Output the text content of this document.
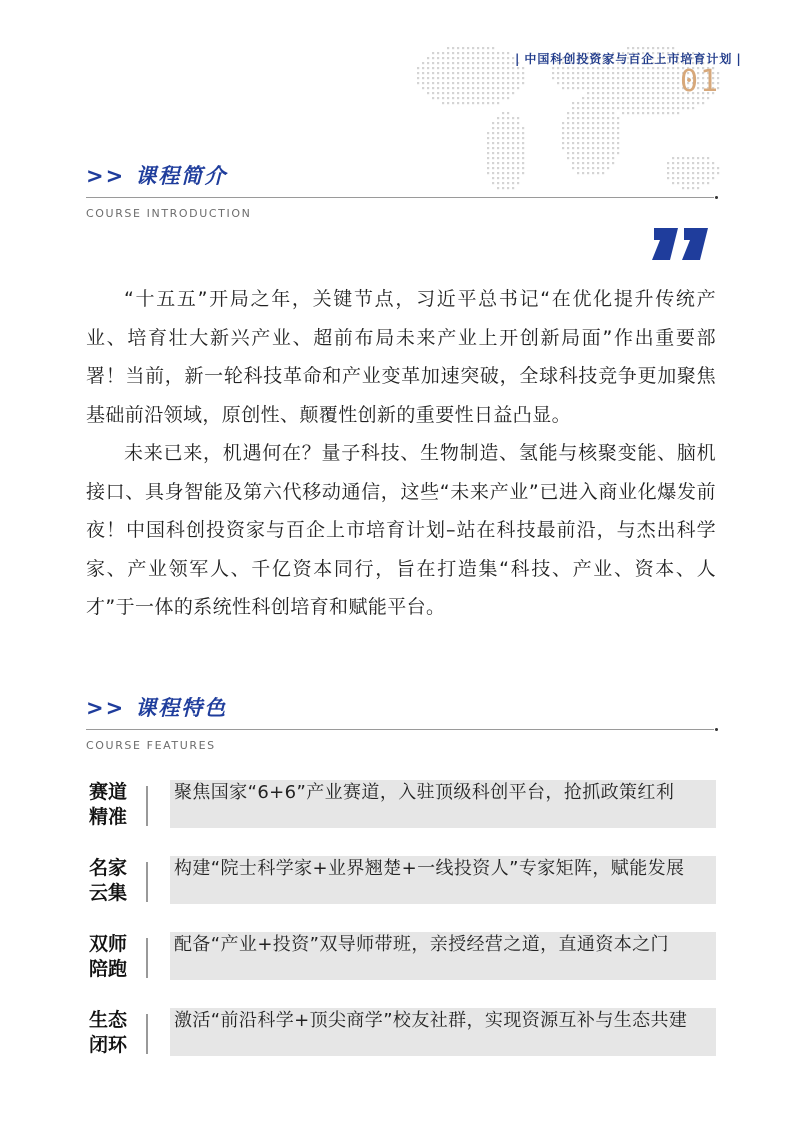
| 中国科创投资家与百企上市培育计划 |
01
>> 课程简介
COURSE INTRODUCTION

“十五五”开局之年，关键节点，习近平总书记“在优化提升传统产业、培育壮大新兴产业、超前布局未来产业上开创新局面”作出重要部署！当前，新一轮科技革命和产业变革加速突破，全球科技竞争更加聚焦基础前沿领域，原创性、颠覆性创新的重要性日益凸显。

未来已来，机遇何在？量子科技、生物制造、氢能与核聚变能、脑机接口、具身智能及第六代移动通信，这些“未来产业”已进入商业化爆发前夜！中国科创投资家与百企上市培育计划–站在科技最前沿，与杰出科学家、产业领军人、千亿资本同行，旨在打造集“科技、产业、资本、人才”于一体的系统性科创培育和赋能平台。

>> 课程特色
COURSE FEATURES
赛道
精准
聚焦国家“6+6”产业赛道，入驻顶级科创平台，抢抓政策红利
名家
云集
构建“院士科学家+业界翘楚+一线投资人”专家矩阵，赋能发展
双师
陪跑
配备“产业+投资”双导师带班，亲授经营之道，直通资本之门
生态
闭环
激活“前沿科学+顶尖商学”校友社群，实现资源互补与生态共建
